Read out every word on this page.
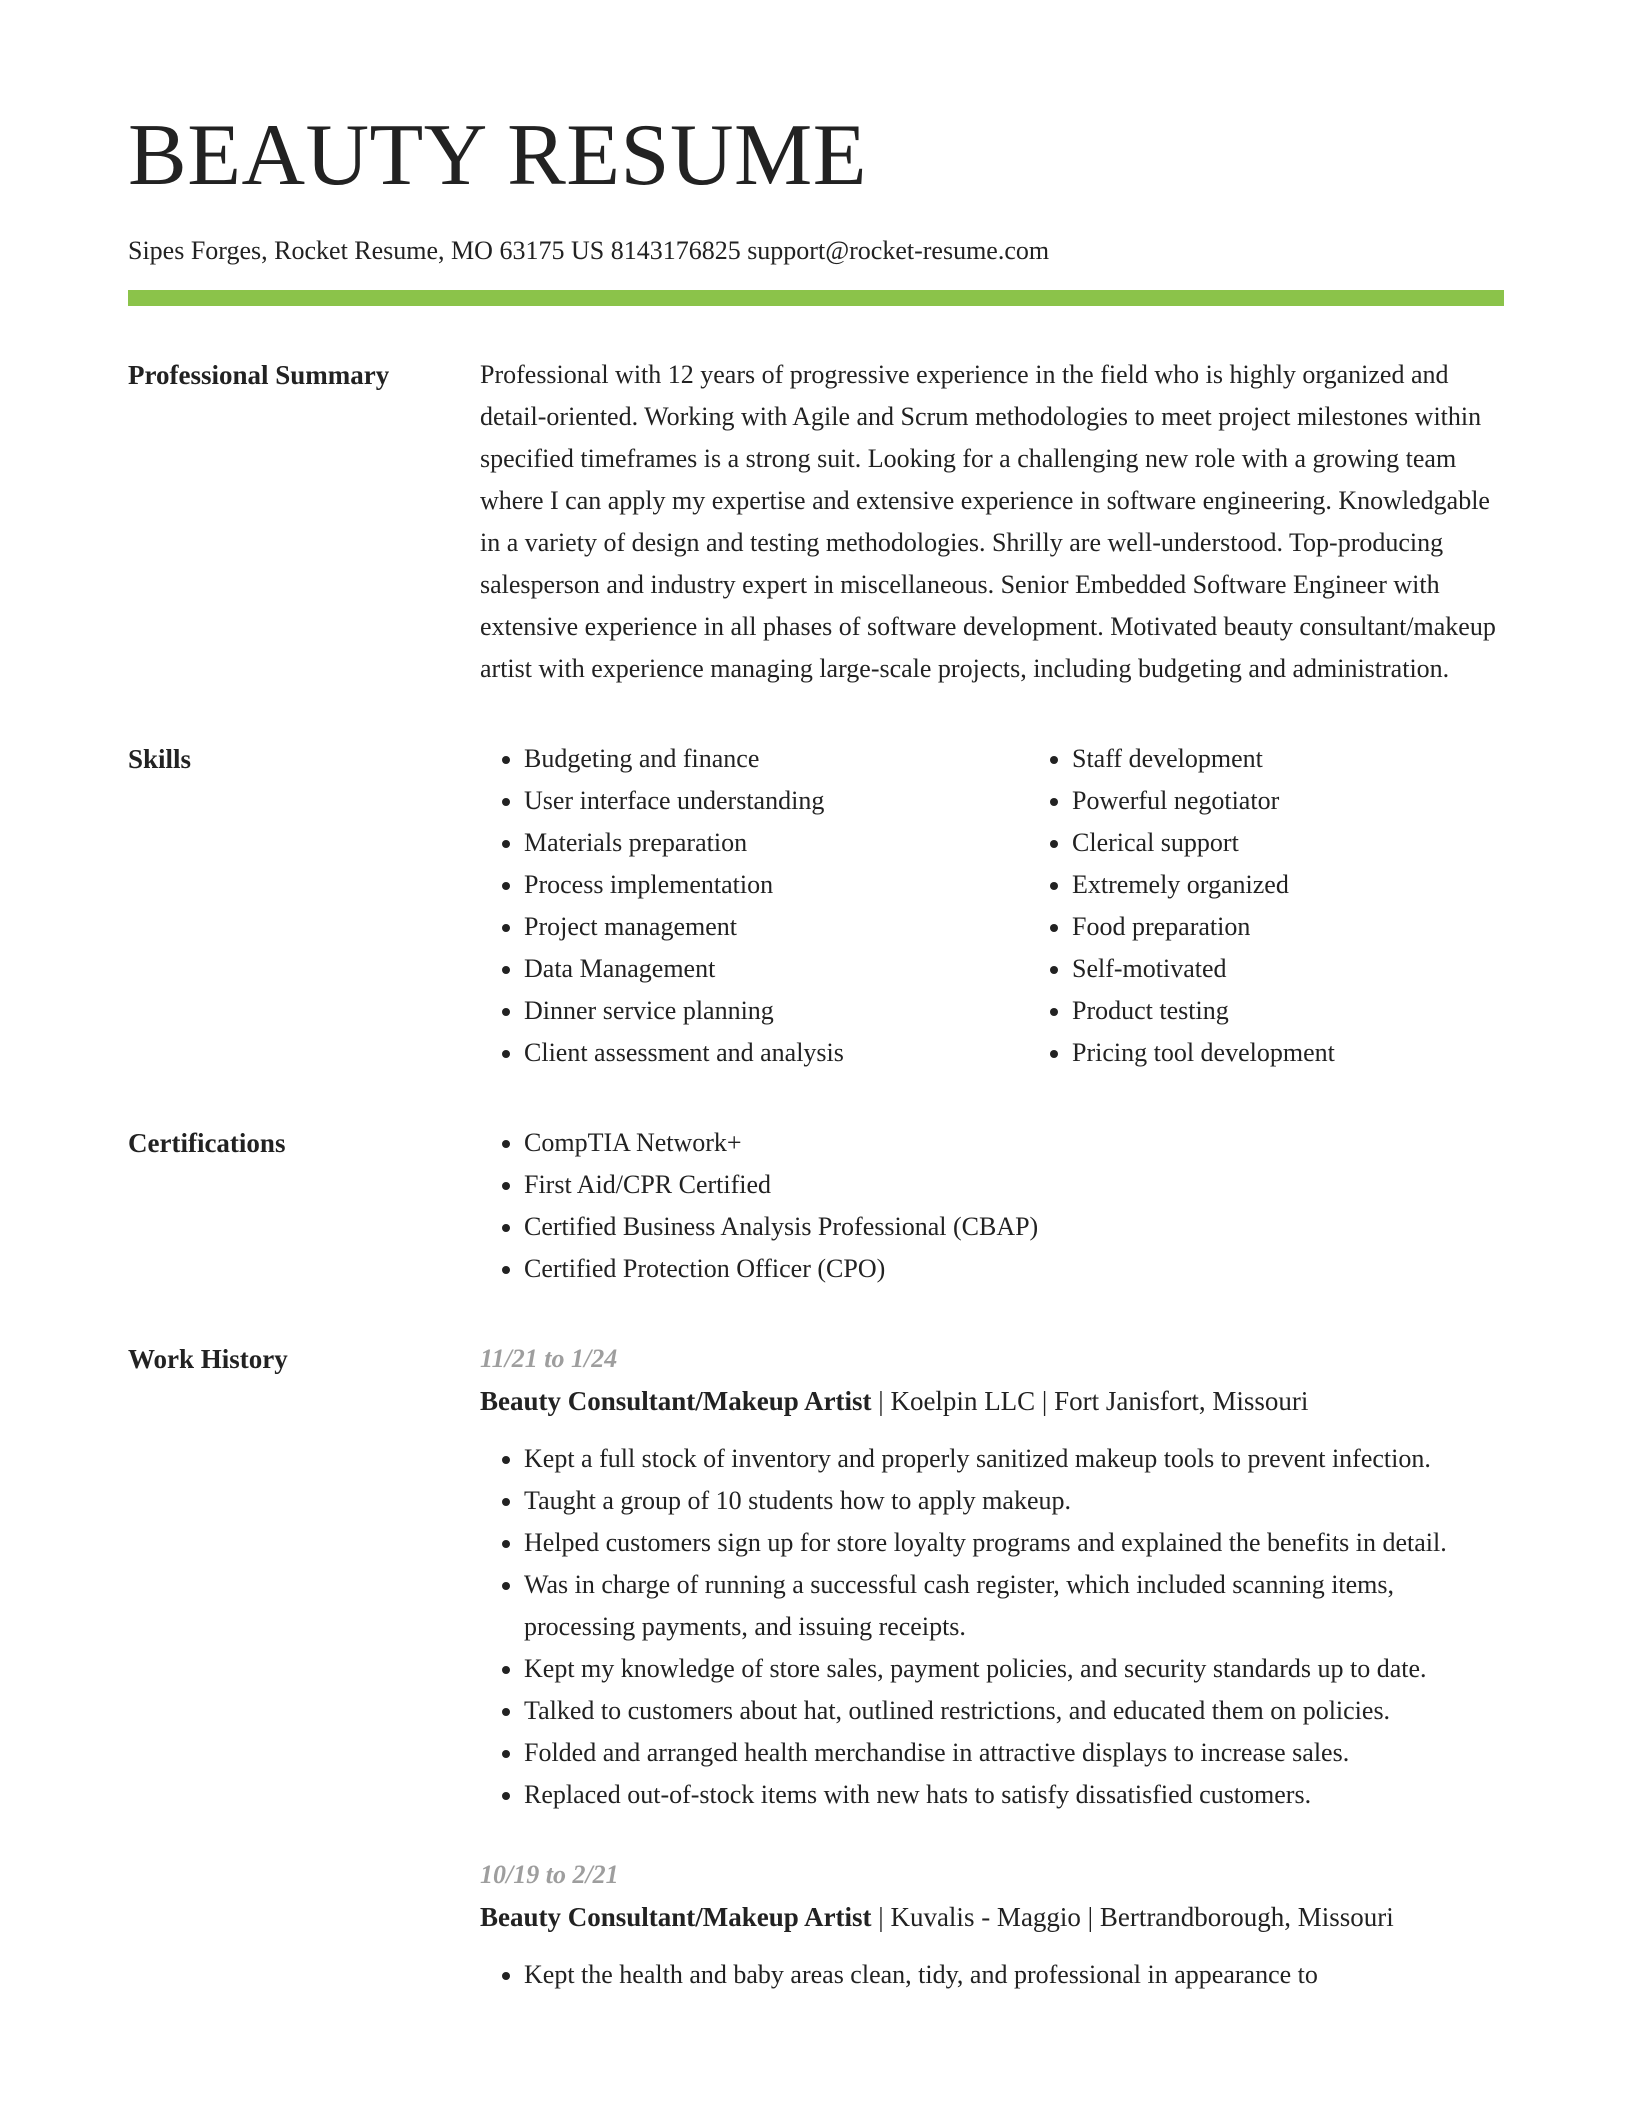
BEAUTY RESUME
Sipes Forges, Rocket Resume, MO 63175 US 8143176825 support@rocket-resume.com
Professional Summary	Professional with 12 years of progressive experience in the field who is highly organized and detail-oriented. Working with Agile and Scrum methodologies to meet project milestones within specified timeframes is a strong suit. Looking for a challenging new role with a growing team where I can apply my expertise and extensive experience in software engineering. Knowledgable in a variety of design and testing methodologies. Shrilly are well-understood. Top-producing salesperson and industry expert in miscellaneous. Senior Embedded Software Engineer with extensive experience in all phases of software development. Motivated beauty consultant/makeup artist with experience managing large-scale projects, including budgeting and administration.

Skills	• Budgeting and finance
• User interface understanding
• Materials preparation
• Process implementation
• Project management
• Data Management
• Dinner service planning
• Client assessment and analysis
• Staff development
• Powerful negotiator
• Clerical support
• Extremely organized
• Food preparation
• Self-motivated
• Product testing
• Pricing tool development
Certifications	• CompTIA Network+
• First Aid/CPR Certified
• Certified Business Analysis Professional (CBAP)
• Certified Protection Officer (CPO)
Work History	11/21 to 1/24
Beauty Consultant/Makeup Artist | Koelpin LLC | Fort Janisfort, Missouri
• Kept a full stock of inventory and properly sanitized makeup tools to prevent infection.
• Taught a group of 10 students how to apply makeup.
• Helped customers sign up for store loyalty programs and explained the benefits in detail.
• Was in charge of running a successful cash register, which included scanning items, processing payments, and issuing receipts.
• Kept my knowledge of store sales, payment policies, and security standards up to date.
• Talked to customers about hat, outlined restrictions, and educated them on policies.
• Folded and arranged health merchandise in attractive displays to increase sales.
• Replaced out-of-stock items with new hats to satisfy dissatisfied customers.
10/19 to 2/21
Beauty Consultant/Makeup Artist | Kuvalis - Maggio | Bertrandborough, Missouri
• Kept the health and baby areas clean, tidy, and professional in appearance to
